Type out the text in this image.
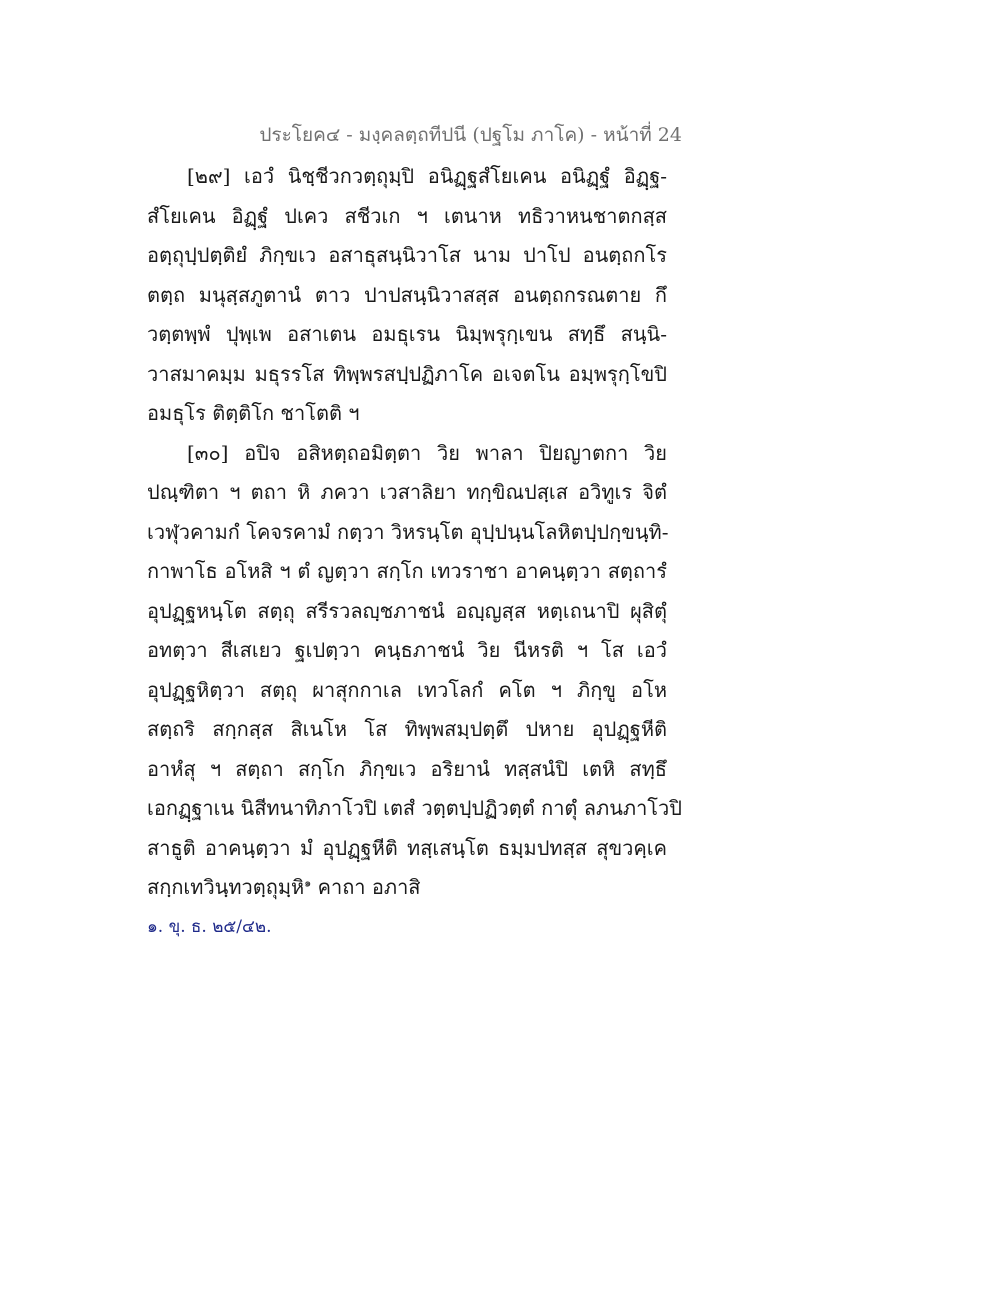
ประโยค๔ - มงฺคลตฺถทีปนี (ปฐโม ภาโค) - หน้าที่ 24
[๒๙] เอวํ นิชฺชีวกวตฺถุมฺปิ อนิฏฺฐสํโยเคน อนิฏฺฐํ อิฏฺฐ-
สํโยเคน อิฏฺฐํ ปเคว สชีวเก ฯ เตนาห ทธิวาหนชาตกสฺส
อตฺถุปฺปตฺติยํ ภิกฺขเว อสาธุสนฺนิวาโส นาม ปาโป อนตฺถกโร
ตตฺถ มนุสฺสภูตานํ ตาว ปาปสนฺนิวาสสฺส อนตฺถกรณตาย กึ
วตฺตพฺพํ ปุพฺเพ อสาเตน อมธุเรน นิมฺพรุกฺเขน สทฺธึ สนฺนิ-
วาสมาคมฺม มธุรรโส ทิพฺพรสปฺปฏิภาโค อเจตโน อมฺพรุกฺโขปิ
อมธุโร ติตฺติโก ชาโตติ ฯ
[๓๐] อปิจ อสิหตฺถอมิตฺตา วิย พาลา ปิยญาตกา วิย
ปณฺฑิตา ฯ ตถา หิ ภควา เวสาลิยา ทกฺขิณปสฺเส อวิทูเร จิตํ
เวฬุวคามกํ โคจรคามํ กตฺวา วิหรนฺโต อุปฺปนฺนโลหิตปฺปกฺขนฺทิ-
กาพาโธ อโหสิ ฯ ตํ ญตฺวา สกฺโก เทวราชา อาคนฺตฺวา สตฺถารํ
อุปฏฺฐหนฺโต สตฺถุ สรีรวลญฺชภาชนํ อญฺญสฺส หตฺเถนาปิ ผุสิตุํ
อทตฺวา สีเสเยว ฐเปตฺวา คนฺธภาชนํ วิย นีหรติ ฯ โส เอวํ
อุปฏฺฐหิตฺวา สตฺถุ ผาสุกกาเล เทวโลกํ คโต ฯ ภิกฺขู อโห
สตฺถริ สกฺกสฺส สิเนโห โส ทิพฺพสมฺปตฺตึ ปหาย อุปฏฺฐหีติ
อาหํสุ ฯ สตฺถา สกฺโก ภิกฺขเว อริยานํ ทสฺสนํปิ เตหิ สทฺธึ
เอกฏฺฐาเน นิสีทนาทิภาโวปิ เตสํ วตฺตปฺปฏิวตฺตํ กาตุํ ลภนภาโวปิ
สาธูติ อาคนฺตฺวา มํ อุปฏฺฐหีติ ทสฺเสนฺโต ธมฺมปทสฺส สุขวคฺเค
สกฺกเทวินฺทวตฺถุมฺหิ$^๑$ คาถา อภาสิ
๑. ขุ. ธ. ๒๕/๔๒.
